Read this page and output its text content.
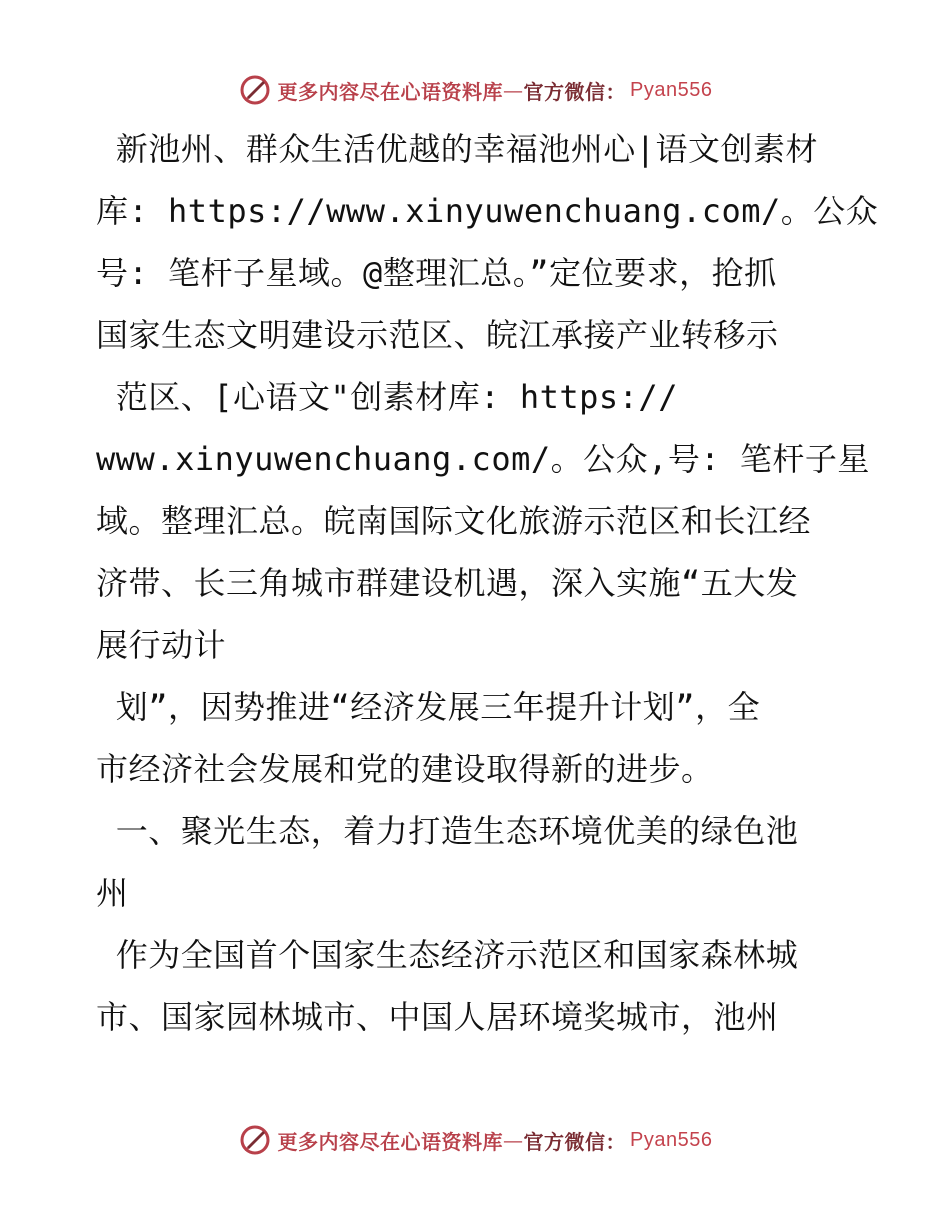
更多内容尽在心语资料库 — 官方微信： Pyan556
新池州、群众生活优越的幸福池州心|语文创素材
库: https://www.xinyuwenchuang.com/。公众
号: 笔杆子星域。@整理汇总。”定位要求，抢抓
国家生态文明建设示范区、皖江承接产业转移示
范区、[心语文"创素材库: https://
www.xinyuwenchuang.com/。公众,号: 笔杆子星
域。整理汇总。皖南国际文化旅游示范区和长江经
济带、长三角城市群建设机遇，深入实施“五大发
展行动计
划”，因势推进“经济发展三年提升计划”，全
市经济社会发展和党的建设取得新的进步。
一、聚光生态，着力打造生态环境优美的绿色池
州
作为全国首个国家生态经济示范区和国家森林城
市、国家园林城市、中国人居环境奖城市，池州
更多内容尽在心语资料库 — 官方微信： Pyan556
